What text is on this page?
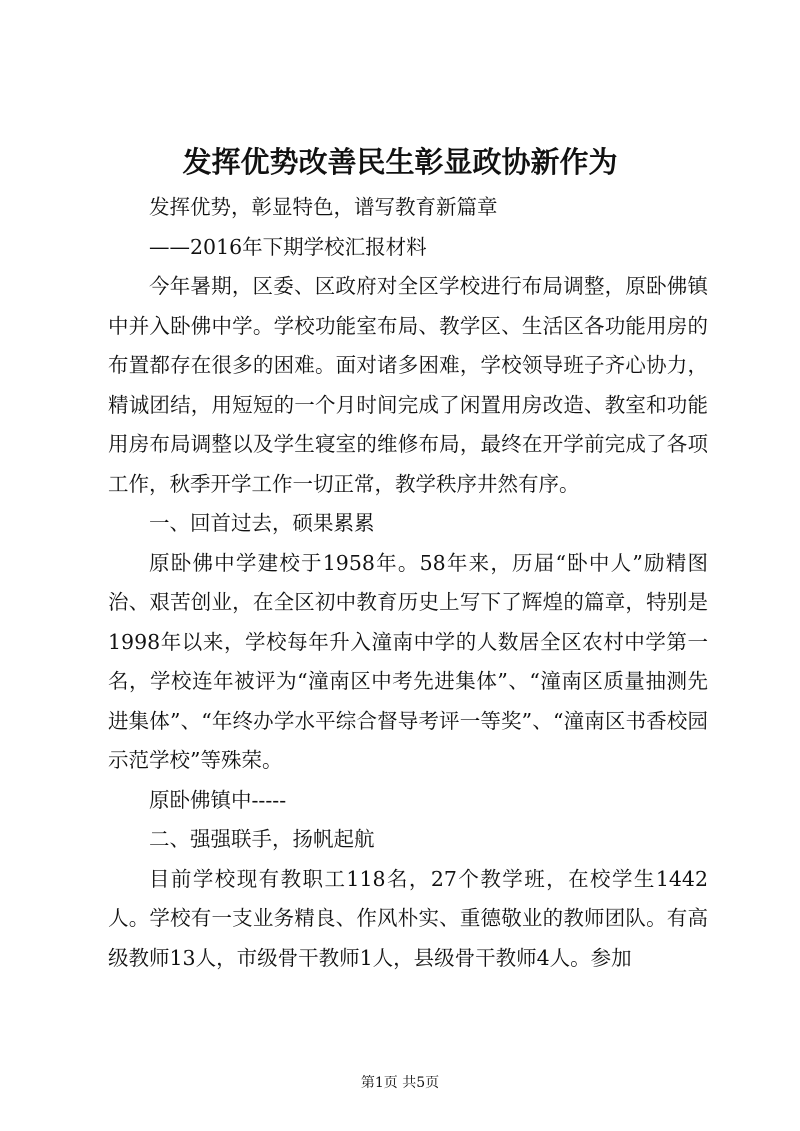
发挥优势改善民生彰显政协新作为

发挥优势，彰显特色，谱写教育新篇章

——2016年下期学校汇报材料

今年暑期，区委、区政府对全区学校进行布局调整，原卧佛镇中并入卧佛中学。学校功能室布局、教学区、生活区各功能用房的布置都存在很多的困难。面对诸多困难，学校领导班子齐心协力，精诚团结，用短短的一个月时间完成了闲置用房改造、教室和功能用房布局调整以及学生寝室的维修布局，最终在开学前完成了各项工作，秋季开学工作一切正常，教学秩序井然有序。

一、回首过去，硕果累累

原卧佛中学建校于1958年。58年来，历届“卧中人”励精图治、艰苦创业，在全区初中教育历史上写下了辉煌的篇章，特别是1998年以来，学校每年升入潼南中学的人数居全区农村中学第一名，学校连年被评为“潼南区中考先进集体”、“潼南区质量抽测先进集体”、“年终办学水平综合督导考评一等奖”、“潼南区书香校园示范学校”等殊荣。

原卧佛镇中-----

二、强强联手，扬帆起航

目前学校现有教职工118名，27个教学班，在校学生1442人。学校有一支业务精良、作风朴实、重德敬业的教师团队。有高级教师13人，市级骨干教师1人，县级骨干教师4人。参加

第1页 共5页
